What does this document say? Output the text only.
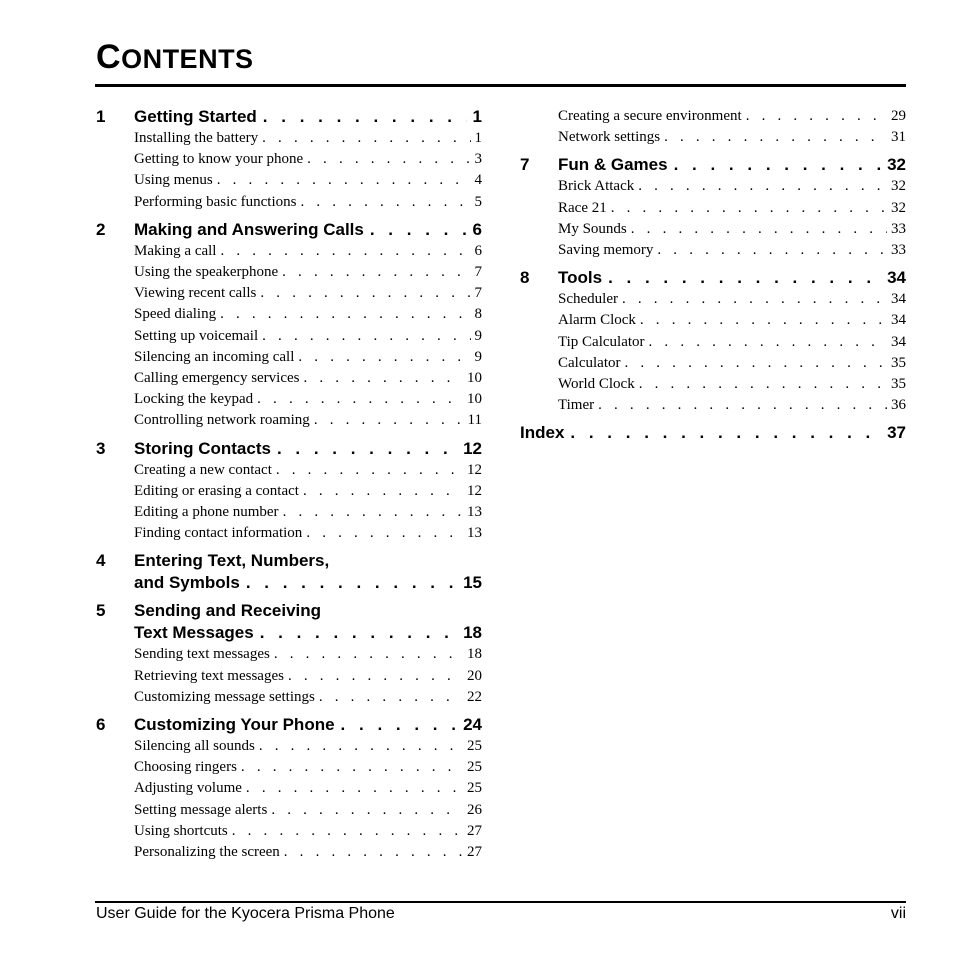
CONTENTS
1	Getting Started . . .	1
Installing the battery . . .	1
Getting to know your phone . . .	3
Using menus . . .	4
Performing basic functions . . .	5
2	Making and Answering Calls . . .	6
Making a call . . .	6
Using the speakerphone . . .	7
Viewing recent calls . . .	7
Speed dialing . . .	8
Setting up voicemail . . .	9
Silencing an incoming call . . .	9
Calling emergency services . . .	10
Locking the keypad . . .	10
Controlling network roaming . . .	11
3	Storing Contacts . . .	12
Creating a new contact . . .	12
Editing or erasing a contact . . .	12
Editing a phone number . . .	13
Finding contact information . . .	13
4	Entering Text, Numbers,
and Symbols . . .	15
5	Sending and Receiving
Text Messages . . .	18
Sending text messages . . .	18
Retrieving text messages . . .	20
Customizing message settings . . .	22
6	Customizing Your Phone . . .	24
Silencing all sounds . . .	25
Choosing ringers . . .	25
Adjusting volume . . .	25
Setting message alerts . . .	26
Using shortcuts . . .	27
Personalizing the screen . . .	27
Creating a secure environment . . .	29
Network settings . . .	31
7	Fun & Games . . .	32
Brick Attack . . .	32
Race 21 . . .	32
My Sounds . . .	33
Saving memory . . .	33
8	Tools . . .	34
Scheduler . . .	34
Alarm Clock . . .	34
Tip Calculator . . .	34
Calculator . . .	35
World Clock . . .	35
Timer . . .	36
Index . . .	37
User Guide for the Kyocera Prisma Phone	vii
